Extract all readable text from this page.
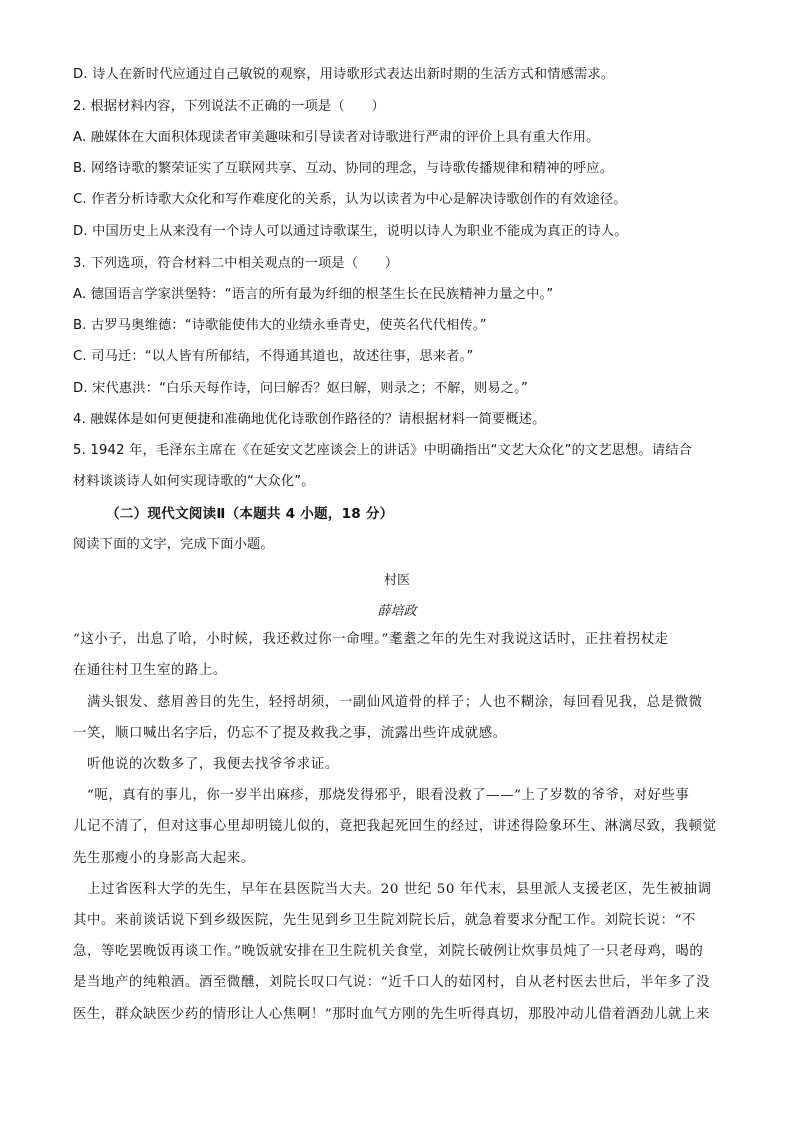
D. 诗人在新时代应通过自己敏锐的观察，用诗歌形式表达出新时期的生活方式和情感需求。
2. 根据材料内容，下列说法不正确的一项是（　　）
A. 融媒体在大面积体现读者审美趣味和引导读者对诗歌进行严肃的评价上具有重大作用。
B. 网络诗歌的繁荣证实了互联网共享、互动、协同的理念，与诗歌传播规律和精神的呼应。
C. 作者分析诗歌大众化和写作难度化的关系，认为以读者为中心是解决诗歌创作的有效途径。
D. 中国历史上从来没有一个诗人可以通过诗歌谋生，说明以诗人为职业不能成为真正的诗人。
3. 下列选项，符合材料二中相关观点的一项是（　　）
A. 德国语言学家洪堡特：“语言的所有最为纤细的根茎生长在民族精神力量之中。”
B. 古罗马奥维德：“诗歌能使伟大的业绩永垂青史，使英名代代相传。”
C. 司马迁：“以人皆有所郁结，不得通其道也，故述往事，思来者。”
D. 宋代惠洪：“白乐天每作诗，问曰解否？妪曰解，则录之；不解，则易之。”
4. 融媒体是如何更便捷和准确地优化诗歌创作路径的？请根据材料一简要概述。
5. 1942 年，毛泽东主席在《在延安文艺座谈会上的讲话》中明确指出“文艺大众化”的文艺思想。请结合
材料谈谈诗人如何实现诗歌的“大众化”。
（二）现代文阅读Ⅱ（本题共 4 小题，18 分）
阅读下面的文字，完成下面小题。
村医
薛培政
“这小子，出息了哈，小时候，我还救过你一命哩。”耄耋之年的先生对我说这话时，正拄着拐杖走
在通往村卫生室的路上。
　满头银发、慈眉善目的先生，轻捋胡须，一副仙风道骨的样子；人也不糊涂，每回看见我，总是微微
一笑，顺口喊出名字后，仍忘不了提及救我之事，流露出些许成就感。
　听他说的次数多了，我便去找爷爷求证。
　“呃，真有的事儿，你一岁半出麻疹，那烧发得邪乎，眼看没救了——”上了岁数的爷爷，对好些事
儿记不清了，但对这事心里却明镜儿似的，竟把我起死回生的经过，讲述得险象环生、淋漓尽致，我顿觉
先生那瘦小的身影高大起来。
　上过省医科大学的先生，早年在县医院当大夫。20 世纪 50 年代末，县里派人支援老区，先生被抽调
其中。来前谈话说下到乡级医院，先生见到乡卫生院刘院长后，就急着要求分配工作。刘院长说：“不
急，等吃罢晚饭再谈工作。”晚饭就安排在卫生院机关食堂，刘院长破例让炊事员炖了一只老母鸡，喝的
是当地产的纯粮酒。酒至微醺，刘院长叹口气说：“近千口人的茹冈村，自从老村医去世后，半年多了没
医生，群众缺医少药的情形让人心焦啊！”那时血气方刚的先生听得真切，那股冲动儿借着酒劲儿就上来
